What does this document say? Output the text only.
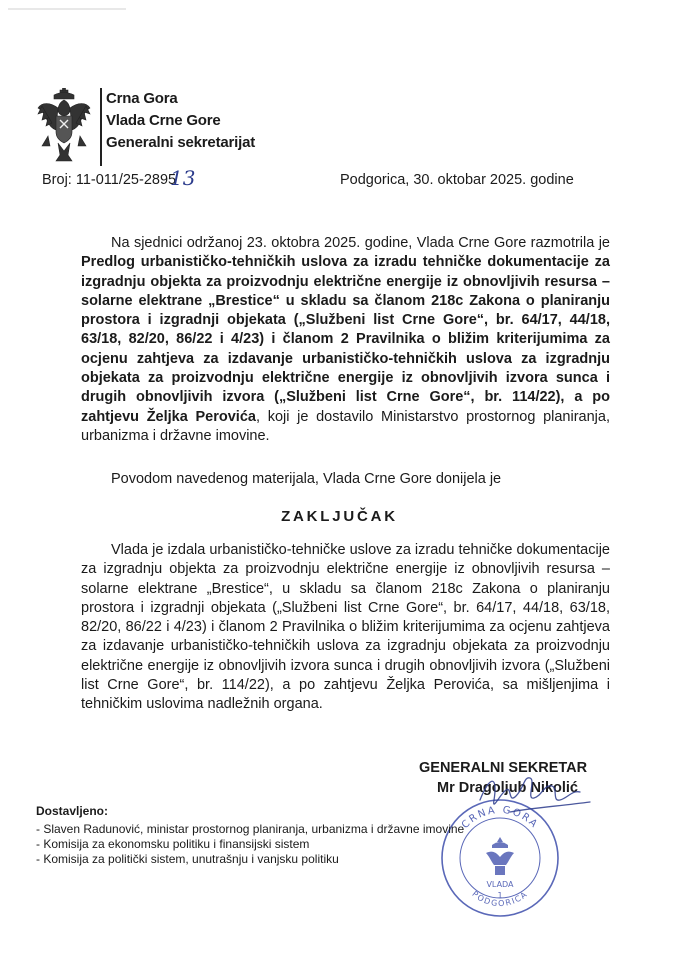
Crna Gora
Vlada Crne Gore
Generalni sekretarijat
Broj: 11-011/25-2895
13	Podgorica, 30. oktobar 2025. godine
Na sjednici održanoj 23. oktobra 2025. godine, Vlada Crne Gore razmotrila je Predlog urbanističko-tehničkih uslova za izradu tehničke dokumentacije za izgradnju objekta za proizvodnju električne energije iz obnovljivih resursa – solarne elektrane „Brestice“ u skladu sa članom 218c Zakona o planiranju prostora i izgradnji objekata („Službeni list Crne Gore“, br. 64/17, 44/18, 63/18, 82/20, 86/22 i 4/23) i članom 2 Pravilnika o bližim kriterijumima za ocjenu zahtjeva za izdavanje urbanističko-tehničkih uslova za izgradnju objekata za proizvodnju električne energije iz obnovljivih izvora sunca i drugih obnovljivih izvora („Službeni list Crne Gore“, br. 114/22), a po zahtjevu Željka Perovića, koji je dostavilo Ministarstvo prostornog planiranja, urbanizma i državne imovine.
Povodom navedenog materijala, Vlada Crne Gore donijela je
ZAKLJUČAK
Vlada je izdala urbanističko-tehničke uslove za izradu tehničke dokumentacije za izgradnju objekta za proizvodnju električne energije iz obnovljivih resursa – solarne elektrane „Brestice“, u skladu sa članom 218c Zakona o planiranju prostora i izgradnji objekata („Službeni list Crne Gore“, br. 64/17, 44/18, 63/18, 82/20, 86/22 i 4/23) i članom 2 Pravilnika o bližim kriterijumima za ocjenu zahtjeva za izdavanje urbanističko-tehničkih uslova za izgradnju objekata za proizvodnju električne energije iz obnovljivih izvora sunca i drugih obnovljivih izvora („Službeni list Crne Gore“, br. 114/22), a po zahtjevu Željka Perovića, sa mišljenjima i tehničkim uslovima nadležnih organa.
CRNA GORA
PODGORICA
VLADA
1
GENERALNI SEKRETAR
Mr Dragoljub Nikolić
Dostavljeno:
- Slaven Radunović, ministar prostornog planiranja, urbanizma i državne imovine
- Komisija za ekonomsku politiku i finansijski sistem
- Komisija za politički sistem, unutrašnju i vanjsku politiku
